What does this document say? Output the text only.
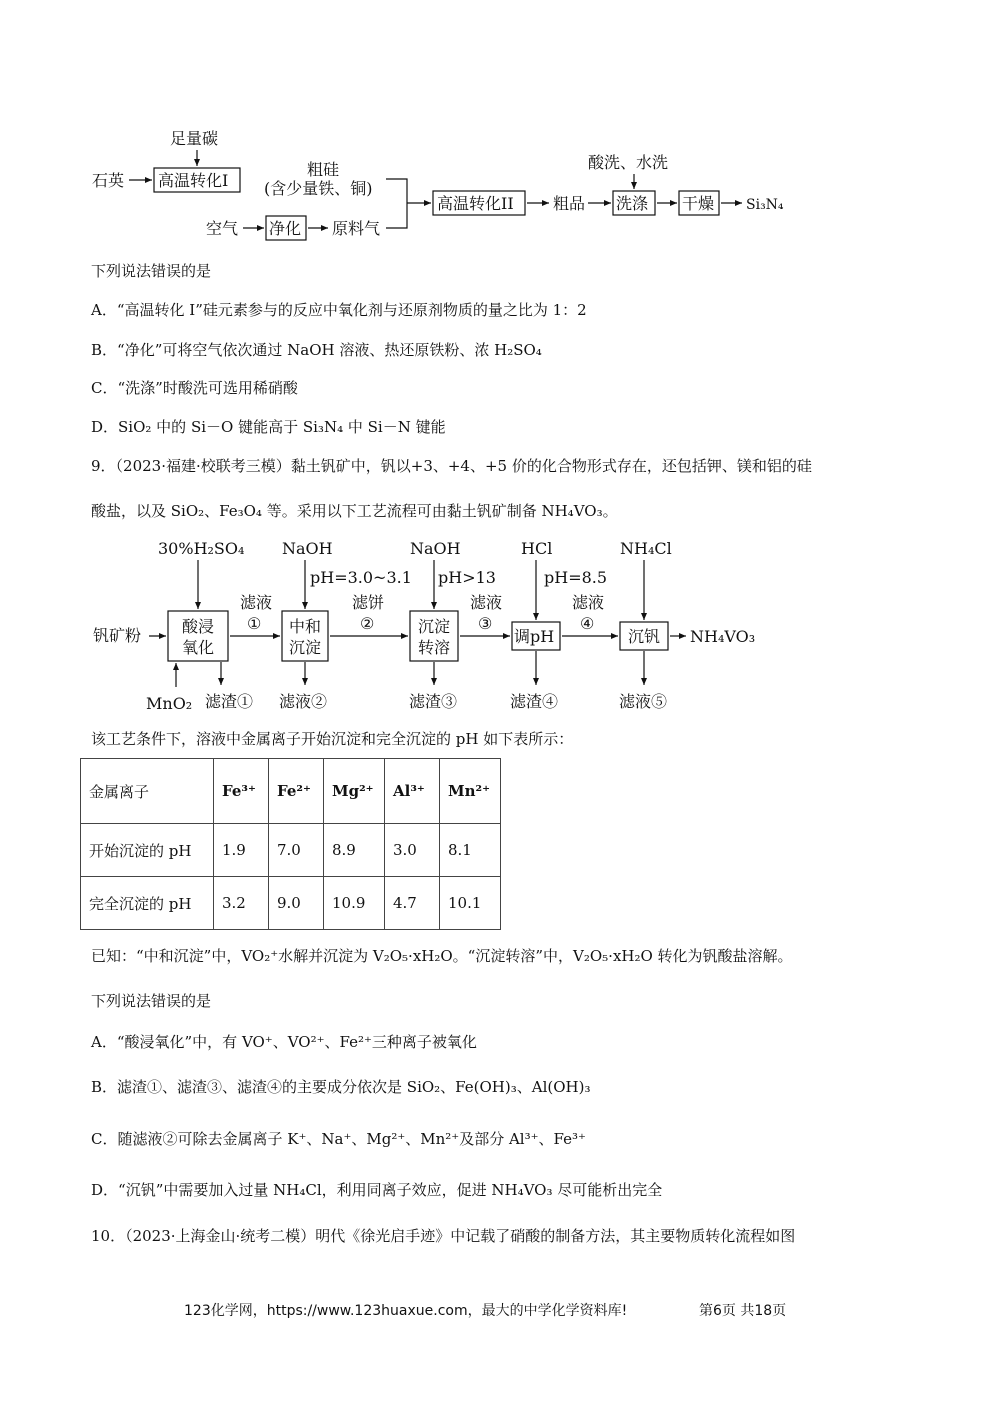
石英
足量碳
高温转化I
粗硅
(含少量铁、铜)
空气 净化 原料气
高温转化II 粗品
酸洗、水洗
洗涤 干燥 Si₃N₄
下列说法错误的是
A．“高温转化 I”硅元素参与的反应中氧化剂与还原剂物质的量之比为 1：2
B．“净化”可将空气依次通过 NaOH 溶液、热还原铁粉、浓 H₂SO₄
C．“洗涤”时酸洗可选用稀硝酸
D．SiO₂ 中的 Si－O 键能高于 Si₃N₄ 中 Si－N 键能
9．（2023·福建·校联考三模）黏土钒矿中，钒以+3、+4、+5 价的化合物形式存在，还包括钾、镁和铝的硅
酸盐，以及 SiO₂、Fe₃O₄ 等。采用以下工艺流程可由黏土钒矿制备 NH₄VO₃。
30%H₂SO₄ NaOH	NaOH	HCl	NH₄Cl
pH=3.0~3.1 pH>13	pH=8.5
钒矿粉	酸浸
氧化
中和
沉淀
沉淀
转溶
调pH	沉钒
滤液
①
滤饼
②
滤液
③
滤液
④
NH₄VO₃
MnO₂ 滤渣① 滤液②	滤渣③	滤渣④	滤液⑤
该工艺条件下，溶液中金属离子开始沉淀和完全沉淀的 pH 如下表所示：
金属离子	Fe³⁺	Fe²⁺	Mg²⁺	Al³⁺	Mn²⁺
开始沉淀的 pH	1.9	7.0	8.9	3.0	8.1
完全沉淀的 pH	3.2	9.0	10.9	4.7	10.1
已知：“中和沉淀”中，VO₂⁺水解并沉淀为 V₂O₅·xH₂O。“沉淀转溶”中，V₂O₅·xH₂O 转化为钒酸盐溶解。
下列说法错误的是
A．“酸浸氧化”中，有 VO⁺、VO²⁺、Fe²⁺三种离子被氧化
B．滤渣①、滤渣③、滤渣④的主要成分依次是 SiO₂、Fe(OH)₃、Al(OH)₃
C．随滤液②可除去金属离子 K⁺、Na⁺、Mg²⁺、Mn²⁺及部分 Al³⁺、Fe³⁺
D．“沉钒”中需要加入过量 NH₄Cl，利用同离子效应，促进 NH₄VO₃ 尽可能析出完全
10．（2023·上海金山·统考二模）明代《徐光启手迹》中记载了硝酸的制备方法，其主要物质转化流程如图
123化学网，https://www.123huaxue.com，最大的中学化学资料库!	第6页 共18页
